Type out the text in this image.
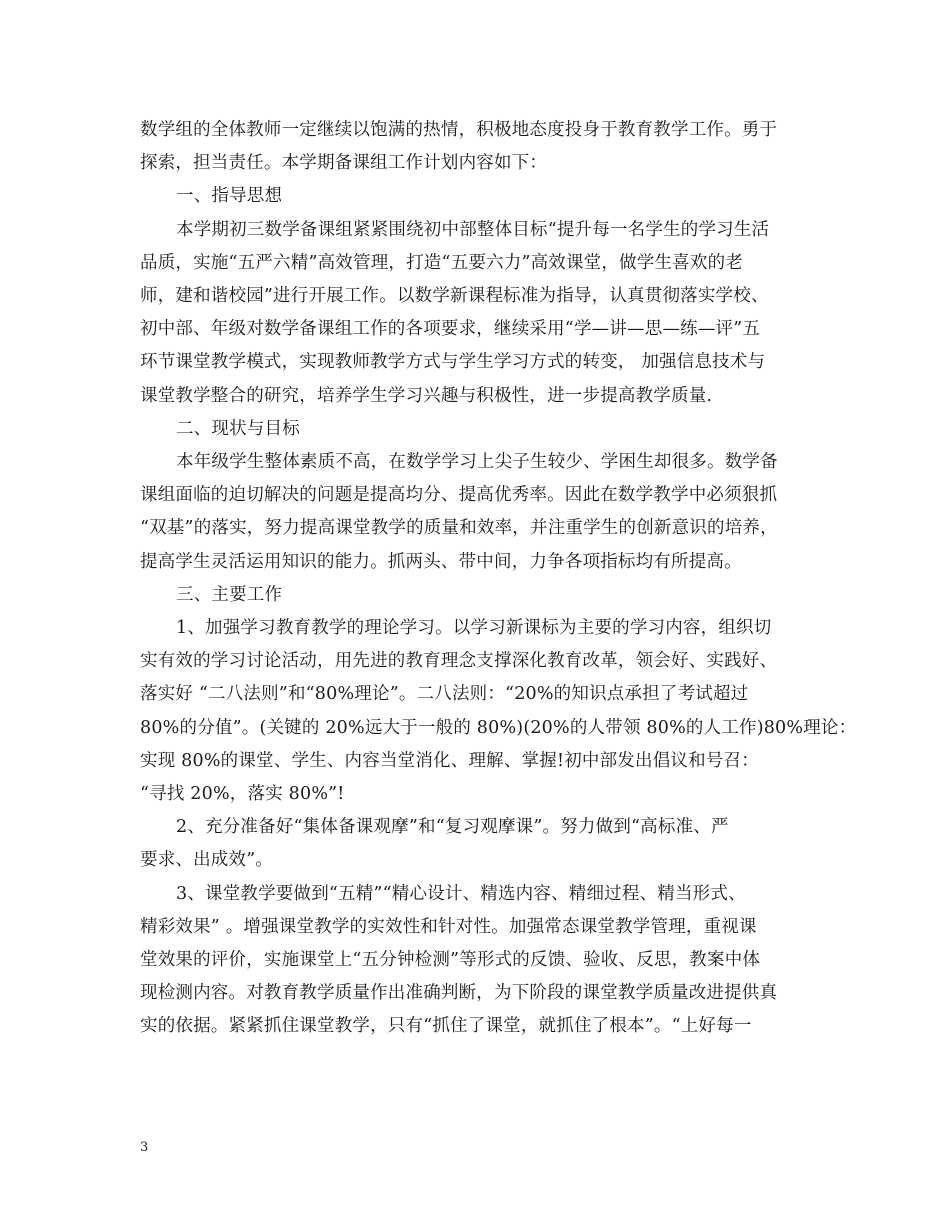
数学组的全体教师一定继续以饱满的热情，积极地态度投身于教育教学工作。勇于
探索，担当责任。本学期备课组工作计划内容如下：
一、指导思想
本学期初三数学备课组紧紧围绕初中部整体目标“提升每一名学生的学习生活
品质，实施“五严六精”高效管理，打造“五要六力”高效课堂，做学生喜欢的老
师，建和谐校园”进行开展工作。以数学新课程标准为指导，认真贯彻落实学校、
初中部、年级对数学备课组工作的各项要求，继续采用“学—讲—思—练—评”五
环节课堂教学模式，实现教师教学方式与学生学习方式的转变， 加强信息技术与
课堂教学整合的研究，培养学生学习兴趣与积极性，进一步提高教学质量.
二、现状与目标
本年级学生整体素质不高，在数学学习上尖子生较少、学困生却很多。数学备
课组面临的迫切解决的问题是提高均分、提高优秀率。因此在数学教学中必须狠抓
“双基”的落实，努力提高课堂教学的质量和效率，并注重学生的创新意识的培养，
提高学生灵活运用知识的能力。抓两头、带中间，力争各项指标均有所提高。
三、主要工作
1、加强学习教育教学的理论学习。以学习新课标为主要的学习内容，组织切
实有效的学习讨论活动，用先进的教育理念支撑深化教育改革，领会好、实践好、
落实好 “二八法则”和“80%理论”。二八法则：“20%的知识点承担了考试超过
80%的分值”。(关键的 20%远大于一般的 80%)(20%的人带领 80%的人工作)80%理论：
实现 80%的课堂、学生、内容当堂消化、理解、掌握!初中部发出倡议和号召：
“寻找 20%，落实 80%”!
2、充分准备好“集体备课观摩”和“复习观摩课”。努力做到“高标准、严
要求、出成效”。
3、课堂教学要做到“五精”“精心设计、精选内容、精细过程、精当形式、
精彩效果” 。增强课堂教学的实效性和针对性。加强常态课堂教学管理，重视课
堂效果的评价，实施课堂上“五分钟检测”等形式的反馈、验收、反思，教案中体
现检测内容。对教育教学质量作出准确判断，为下阶段的课堂教学质量改进提供真
实的依据。紧紧抓住课堂教学，只有“抓住了课堂，就抓住了根本”。“上好每一

3
